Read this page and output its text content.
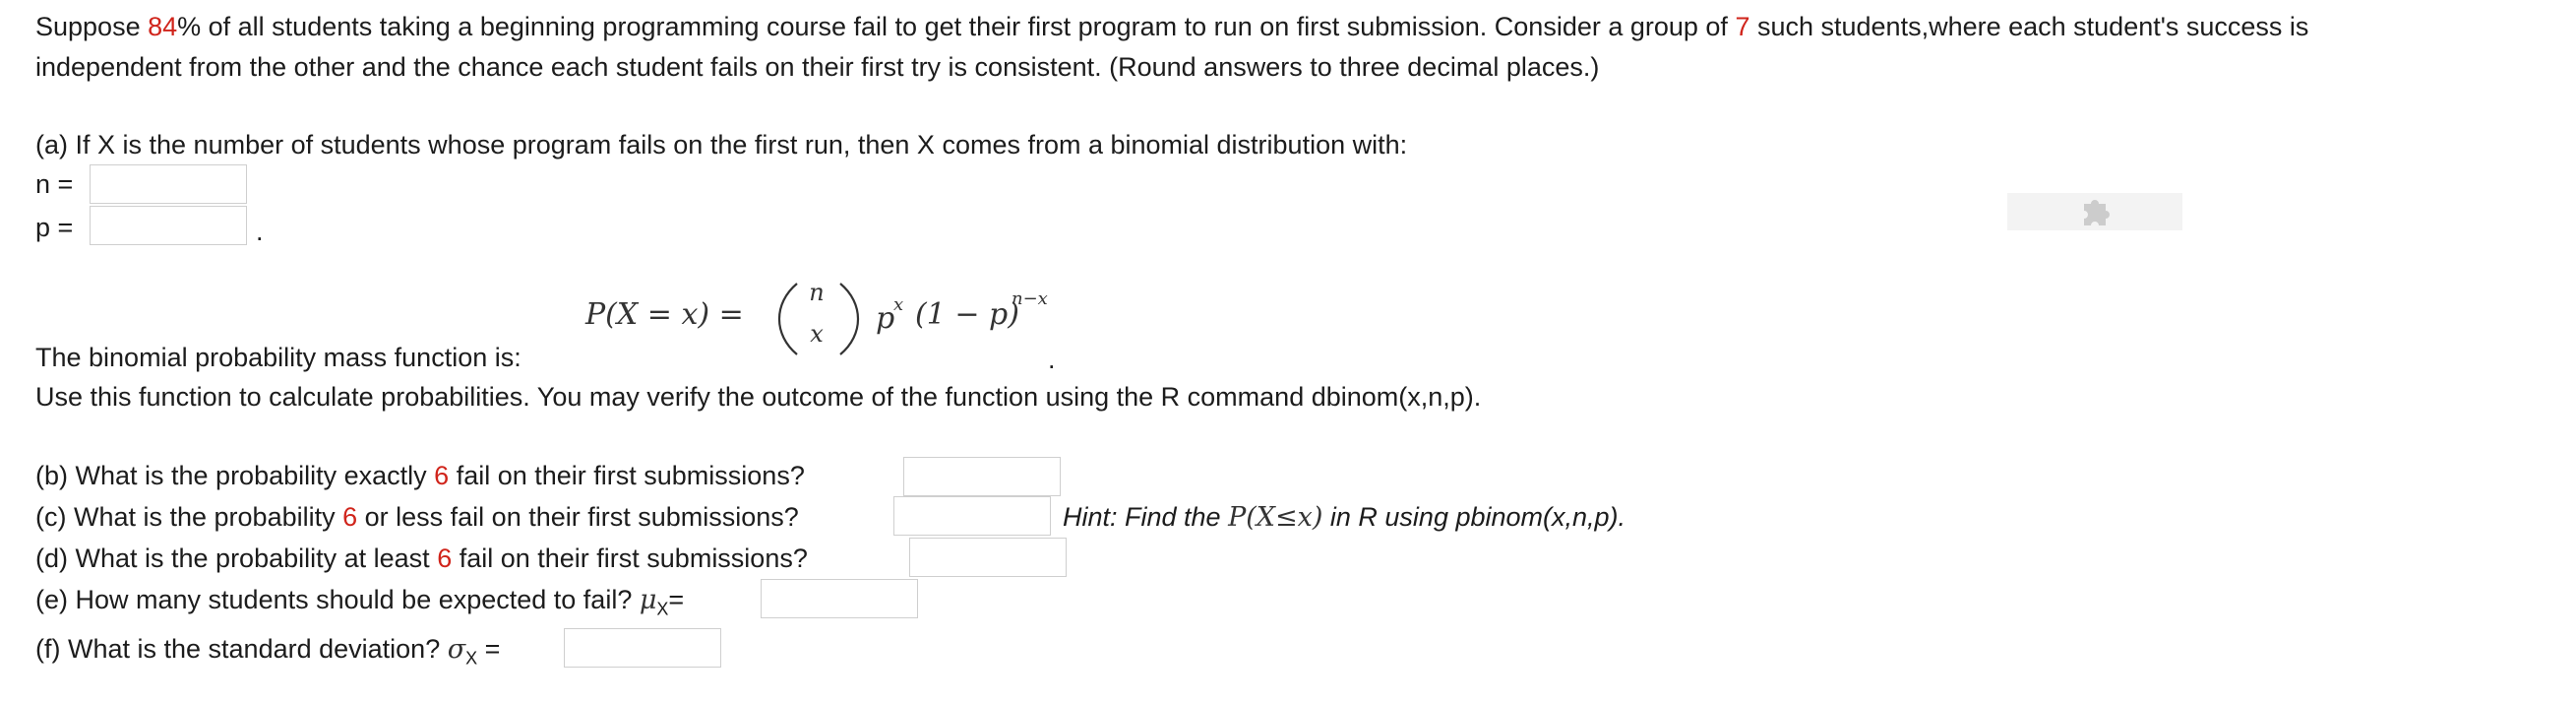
Suppose 84% of all students taking a beginning programming course fail to get their first program to run on first submission. Consider a group of 7 such students,where each student's success is
independent from the other and the chance each student fails on their first try is consistent. (Round answers to three decimal places.)
(a) If X is the number of students whose program fails on the first run, then X comes from a binomial distribution with:
n =
p =	.
P(X = x) =
n
x p
x (1 − p)
n−x
The binomial probability mass function is:	.
Use this function to calculate probabilities. You may verify the outcome of the function using the R command dbinom(x,n,p).
(b) What is the probability exactly 6 fail on their first submissions?
(c) What is the probability 6 or less fail on their first submissions?	Hint: Find the P(X≤x) in R using pbinom(x,n,p).
(d) What is the probability at least 6 fail on their first submissions?
(e) How many students should be expected to fail? $\mu_X=$
(f) What is the standard deviation? $\sigma_X$ =
